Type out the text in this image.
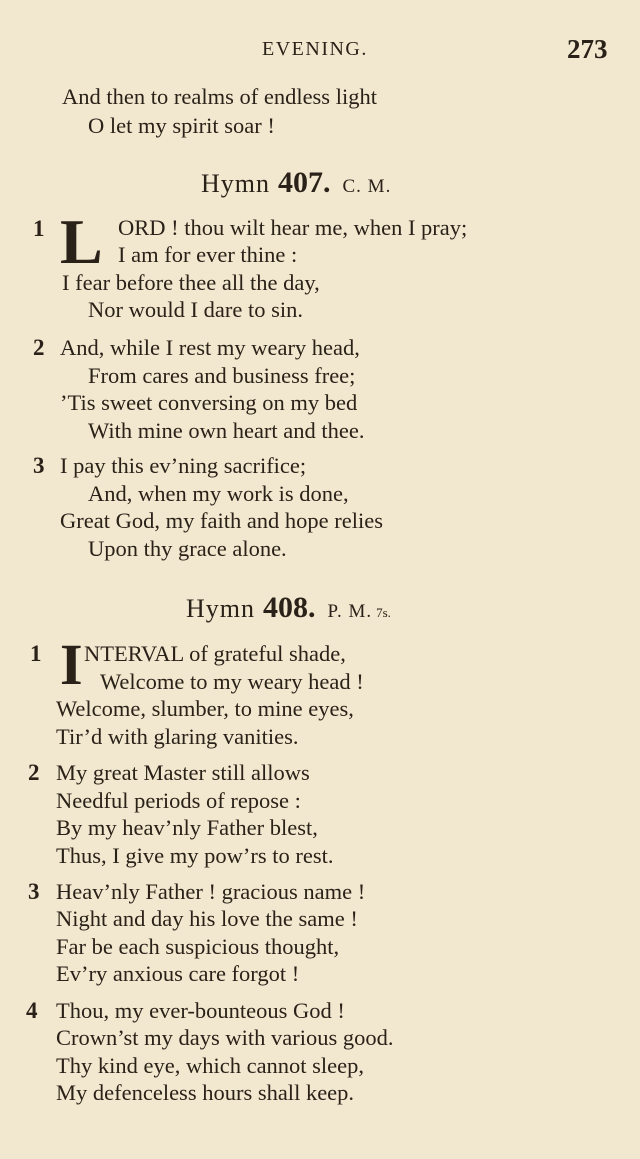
EVENING.	273
And then to realms of endless light
O let my spirit soar !
Hymn 407. C. M.
1 L ORD ! thou wilt hear me, when I pray;
I am for ever thine :
I fear before thee all the day,
Nor would I dare to sin.
2 And, while I rest my weary head,
From cares and business free;
’Tis sweet conversing on my bed
With mine own heart and thee.
3 I pay this ev’ning sacrifice;
And, when my work is done,
Great God, my faith and hope relies
Upon thy grace alone.
Hymn 408. P. M. 7s.
1 I NTERVAL of grateful shade,
Welcome to my weary head !
Welcome, slumber, to mine eyes,
Tir’d with glaring vanities.
2 My great Master still allows
Needful periods of repose :
By my heav’nly Father blest,
Thus, I give my pow’rs to rest.
3 Heav’nly Father ! gracious name !
Night and day his love the same !
Far be each suspicious thought,
Ev’ry anxious care forgot !
4 Thou, my ever-bounteous God !
Crown’st my days with various good.
Thy kind eye, which cannot sleep,
My defenceless hours shall keep.
